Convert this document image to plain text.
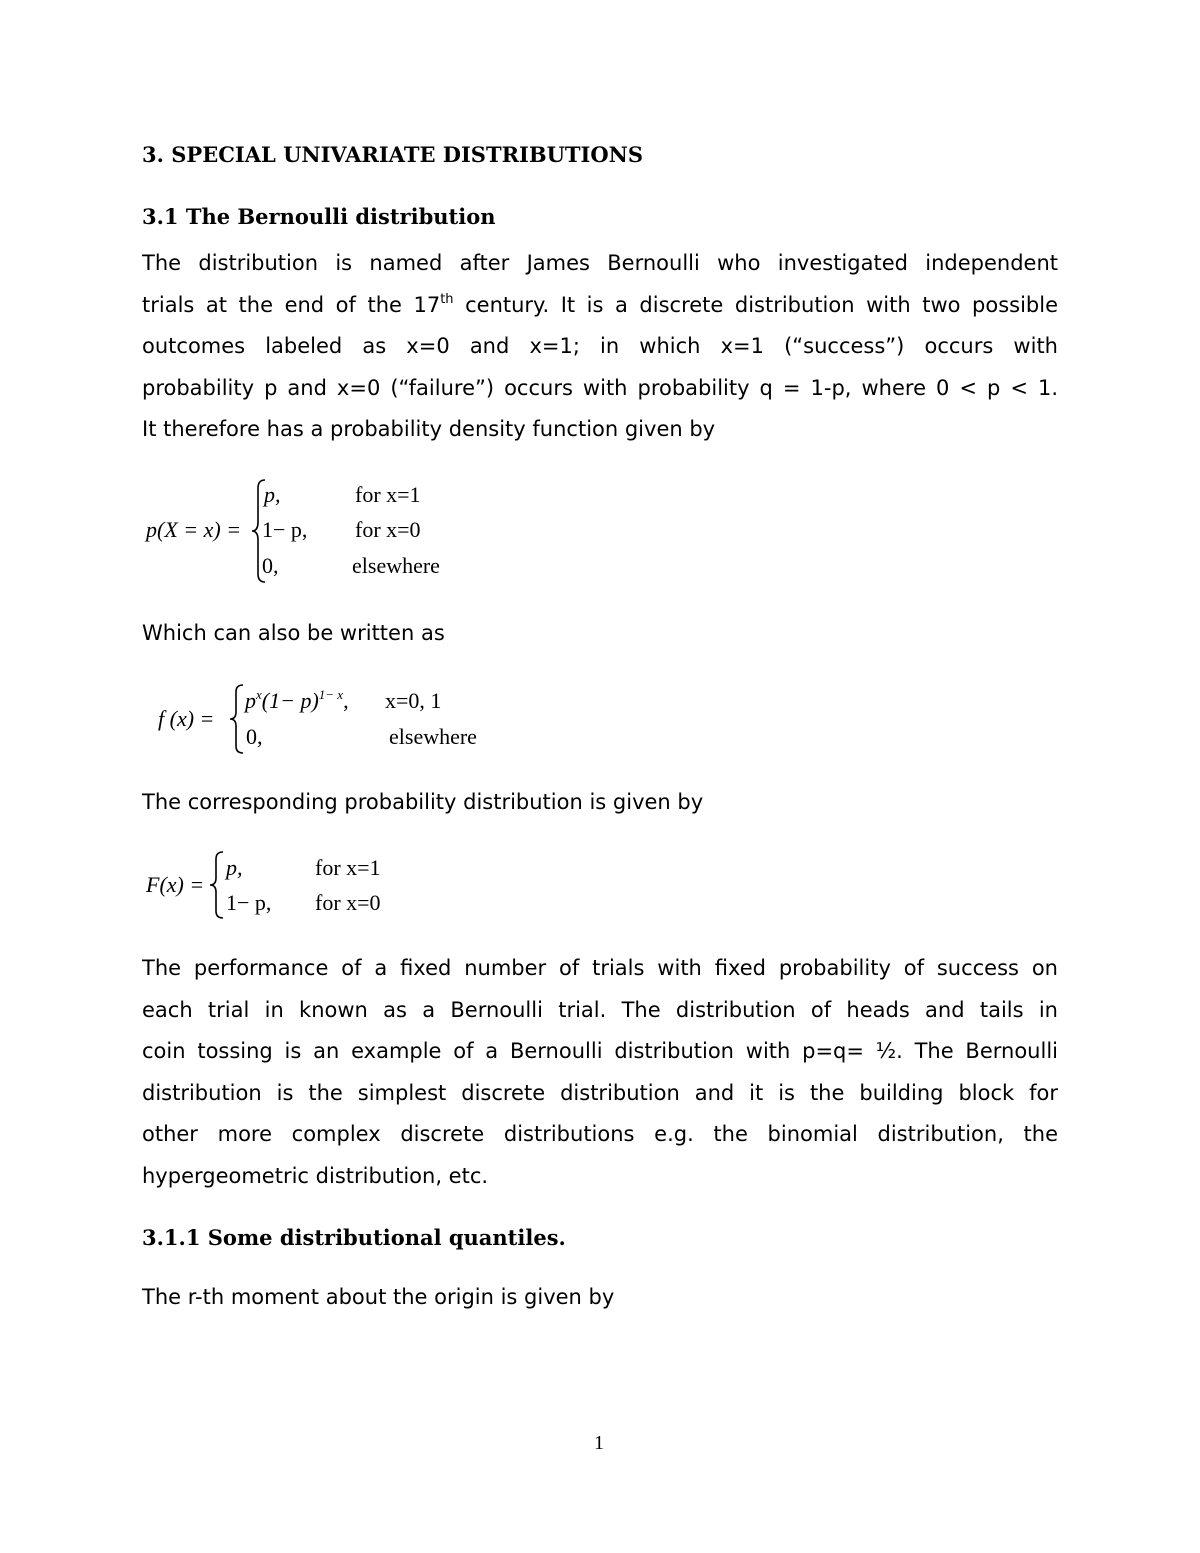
3. SPECIAL UNIVARIATE DISTRIBUTIONS
3.1 The Bernoulli distribution
The distribution is named after James Bernoulli who investigated independent
trials at the end of the 17th century. It is a discrete distribution with two possible
outcomes labeled as x=0 and x=1; in which x=1 (“success”) occurs with
probability p and x=0 (“failure”) occurs with probability q = 1-p, where 0 < p < 1.
It therefore has a probability density function given by
p(X = x) =
p,	for x=1
1− p, for x=0
0,	elsewhere
Which can also be written as
f (x) =
$p^x(1- p)^{1- x}$, x=0, 1
0,	elsewhere
The corresponding probability distribution is given by
F(x) =
p,	for x=1
1− p, for x=0
The performance of a fixed number of trials with fixed probability of success on
each trial in known as a Bernoulli trial. The distribution of heads and tails in
coin tossing is an example of a Bernoulli distribution with p=q= ½. The Bernoulli
distribution is the simplest discrete distribution and it is the building block for
other more complex discrete distributions e.g. the binomial distribution, the
hypergeometric distribution, etc.
3.1.1 Some distributional quantiles.
The r-th moment about the origin is given by
1
